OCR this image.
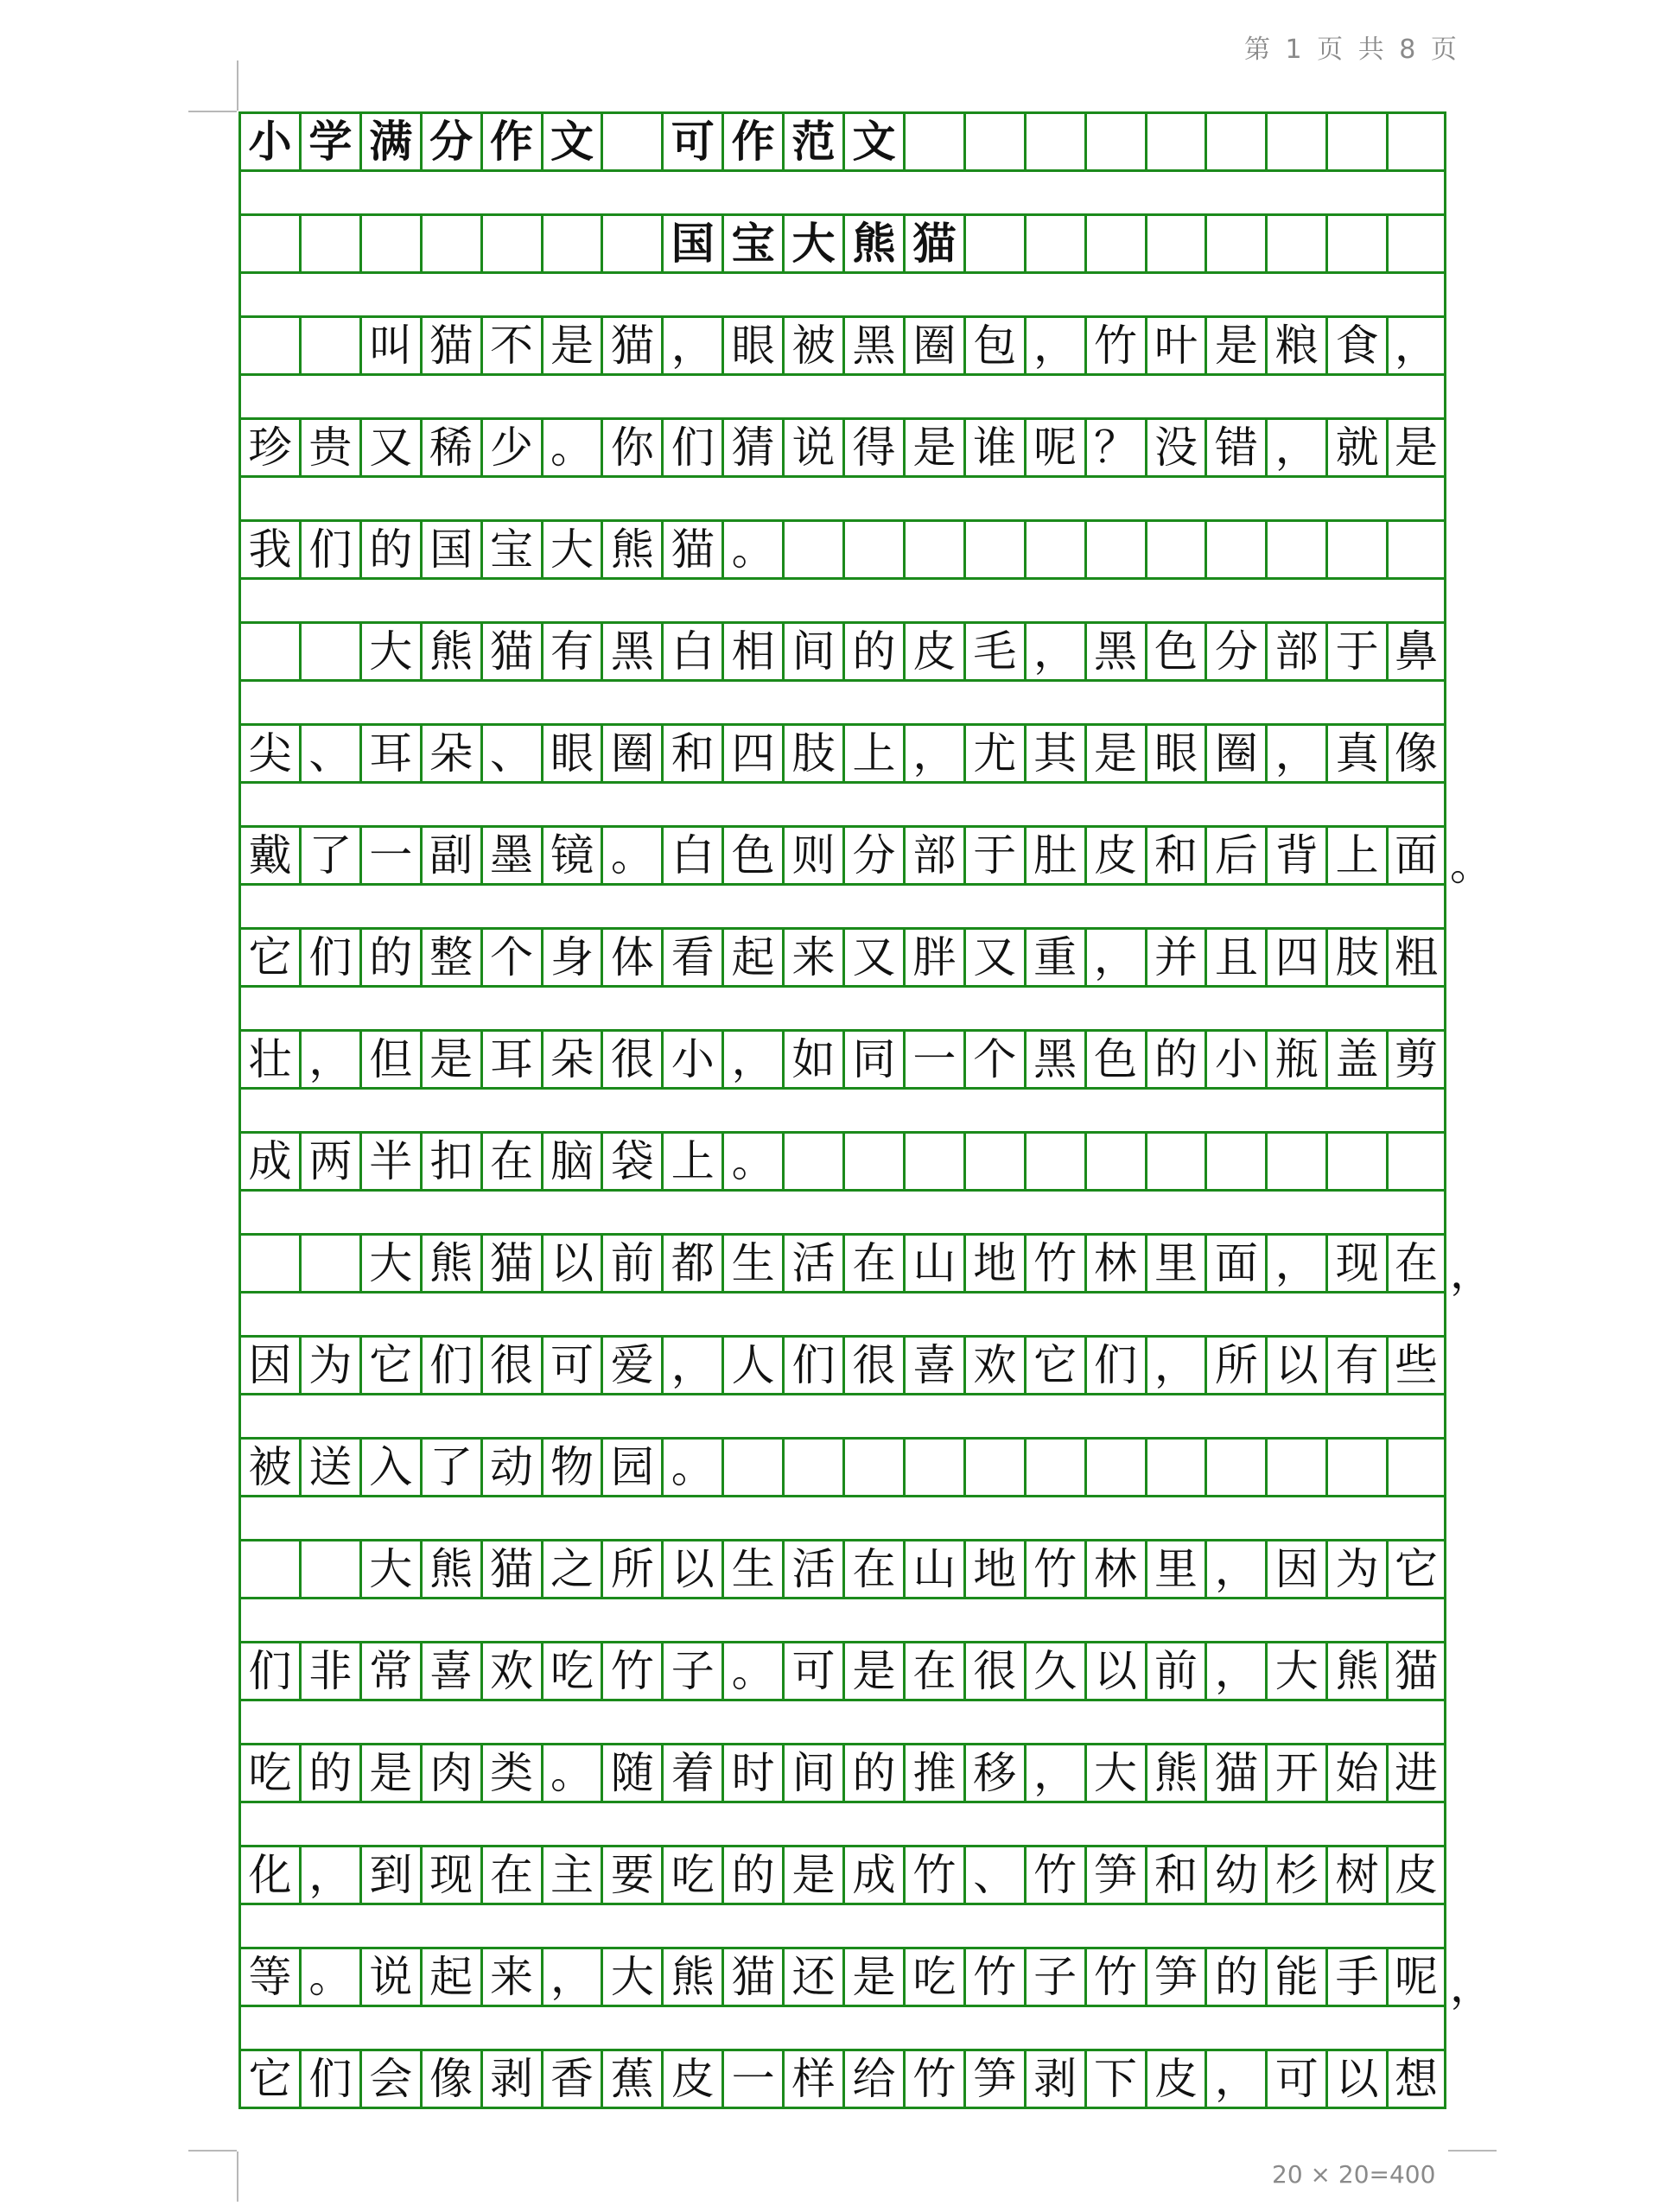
第 1 页 共 8 页
小 学 满 分 作 文 可 作 范 文
国 宝 大 熊 猫
叫 猫 不 是 猫 ， 眼 被 黑 圈 包 ， 竹 叶 是 粮 食 ，
珍 贵 又 稀 少 。 你 们 猜 说 得 是 谁 呢 ？ 没 错 ， 就 是
我 们 的 国 宝 大 熊 猫 。
大 熊 猫 有 黑 白 相 间 的 皮 毛 ， 黑 色 分 部 于 鼻
尖 、 耳 朵 、 眼 圈 和 四 肢 上 ， 尤 其 是 眼 圈 ， 真 像
戴 了 一 副 墨 镜 。 白 色 则 分 部 于 肚 皮 和 后 背 上 面 。
它 们 的 整 个 身 体 看 起 来 又 胖 又 重 ， 并 且 四 肢 粗
壮 ， 但 是 耳 朵 很 小 ， 如 同 一 个 黑 色 的 小 瓶 盖 剪
成 两 半 扣 在 脑 袋 上 。
大 熊 猫 以 前 都 生 活 在 山 地 竹 林 里 面 ， 现 在 ，
因 为 它 们 很 可 爱 ， 人 们 很 喜 欢 它 们 ， 所 以 有 些
被 送 入 了 动 物 园 。
大 熊 猫 之 所 以 生 活 在 山 地 竹 林 里 ， 因 为 它
们 非 常 喜 欢 吃 竹 子 。 可 是 在 很 久 以 前 ， 大 熊 猫
吃 的 是 肉 类 。 随 着 时 间 的 推 移 ， 大 熊 猫 开 始 进
化 ， 到 现 在 主 要 吃 的 是 成 竹 、 竹 笋 和 幼 杉 树 皮
等 。 说 起 来 ， 大 熊 猫 还 是 吃 竹 子 竹 笋 的 能 手 呢 ，
它 们 会 像 剥 香 蕉 皮 一 样 给 竹 笋 剥 下 皮 ， 可 以 想
20 × 20=400
